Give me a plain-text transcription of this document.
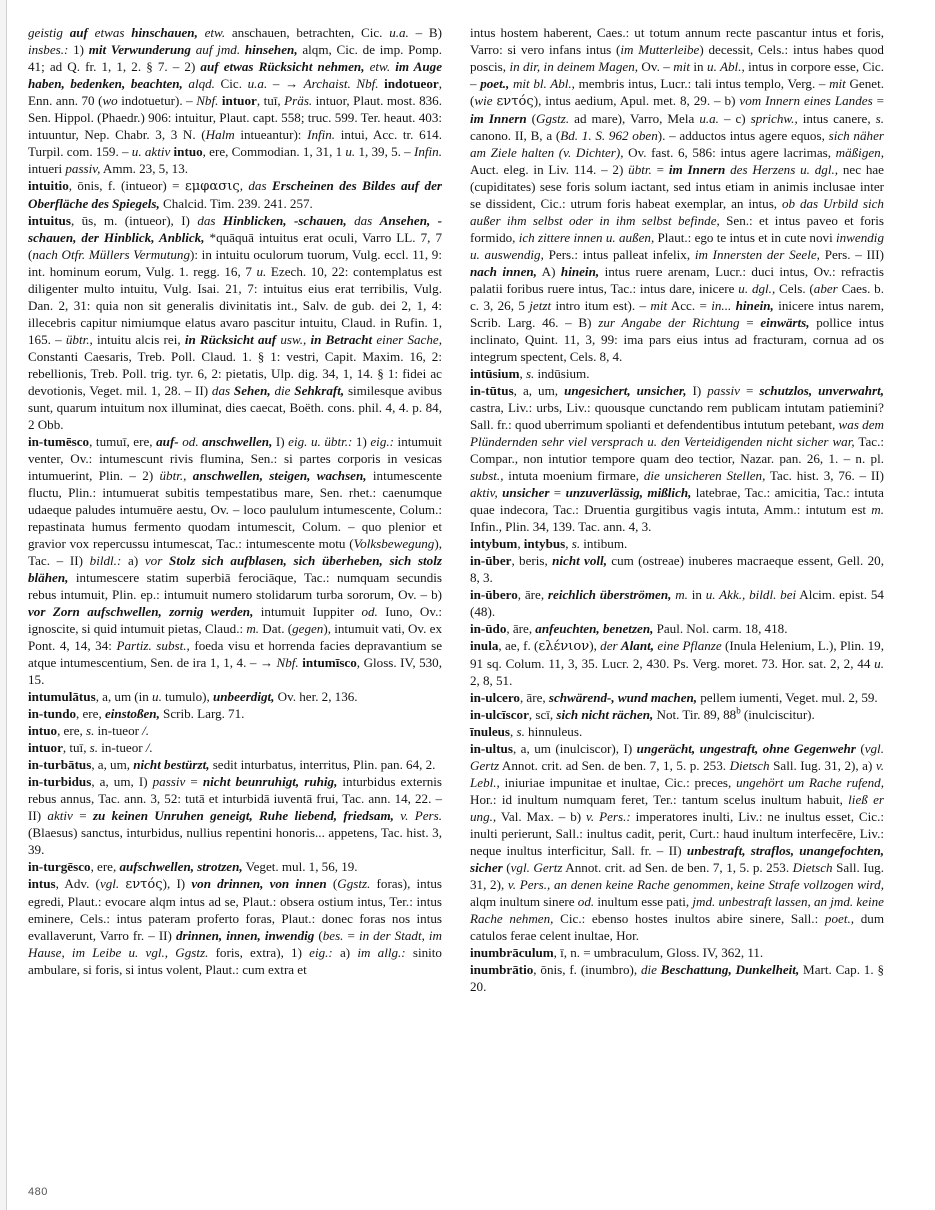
geistig auf etwas hinschauen, etw. anschauen, betrachten, Cic. u.a. – B) insbes.: 1) mit Verwunderung auf jmd. hinsehen, alqm, Cic. de imp. Pomp. 41; ad Q. fr. 1, 1, 2. § 7. – 2) auf etwas Rücksicht nehmen, etw. im Auge haben, bedenken, beachten, alqd. Cic. u.a. – → Archaist. Nbf. indotueor, Enn. ann. 70 (wo indotuetur). – Nbf. intuor, tuī, Präs. intuor, Plaut. most. 836. Sen. Hippol. (Phaedr.) 906: intuitur, Plaut. capt. 558; truc. 599. Ter. heaut. 403: intuuntur, Nep. Chabr. 3, 3 N. (Halm intueantur): Infin. intui, Acc. tr. 614. Turpil. com. 159. – u. aktiv intuo, ere, Commodian. 1, 31, 1 u. 1, 39, 5. – Infin. intueri passiv, Amm. 23, 5, 13.

intuitio, ōnis, f. (intueor) = εμφασις, das Erscheinen des Bildes auf der Oberfläche des Spiegels, Chalcid. Tim. 239. 241. 257.

intuitus, ūs, m. (intueor), I) das Hinblicken, -schauen, das Ansehen, -schauen, der Hinblick, Anblick, *quāquā intuitus erat oculi, Varro LL. 7, 7 (nach Otfr. Müllers Vermutung): in intuitu oculorum tuorum, Vulg. eccl. 11, 9: int. hominum eorum, Vulg. 1. regg. 16, 7 u. Ezech. 10, 22: contemplatus est diligenter multo intuitu, Vulg. Isai. 21, 7: intuitus eius erat terribilis, Vulg. Dan. 2, 31: quia non sit generalis divinitatis int., Salv. de gub. dei 2, 1, 4: illecebris capitur nimiumque elatus avaro pascitur intuitu, Claud. in Rufin. 1, 165. – übtr., intuitu alcis rei, in Rücksicht auf usw., in Betracht einer Sache, Constanti Caesaris, Treb. Poll. Claud. 1. § 1: vestri, Capit. Maxim. 16, 2: rebellionis, Treb. Poll. trig. tyr. 6, 2: pietatis, Ulp. dig. 34, 1, 14. § 1: fidei ac devotionis, Veget. mil. 1, 28. – II) das Sehen, die Sehkraft, similesque avibus sunt, quarum intuitum nox illuminat, dies caecat, Boëth. cons. phil. 4, 4. p. 84, 2 Obb.

in-tumēsco, tumuī, ere, auf- od. anschwellen, I) eig. u. übtr.: 1) eig.: intumuit venter, Ov.: intumescunt rivis flumina, Sen.: si partes corporis in vesicas intumuerint, Plin. – 2) übtr., anschwellen, steigen, wachsen, intumescente fluctu, Plin.: intumuerat subitis tempestatibus mare, Sen. rhet.: caenumque udaeque paludes intumuēre aestu, Ov. – loco paululum intumescente, Colum.: repastinata humus fermento quodam intumescit, Colum. – quo plenior et gravior vox repercussu intumescat, Tac.: intumescente motu (Volksbewegung), Tac. – II) bildl.: a) vor Stolz sich aufblasen, sich überheben, sich stolz blähen, intumescere statim superbiā ferociāque, Tac.: numquam secundis rebus intumuit, Plin. ep.: intumuit numero stolidarum turba sororum, Ov. – b) vor Zorn aufschwellen, zornig werden, intumuit Iuppiter od. Iuno, Ov.: ignoscite, si quid intumuit pietas, Claud.: m. Dat. (gegen), intumuit vati, Ov. ex Pont. 4, 14, 34: Partiz. subst., foeda visu et horrenda facies depravantium se atque intumescentium, Sen. de ira 1, 1, 4. – → Nbf. intumīsco, Gloss. IV, 530, 15.

intumulātus, a, um (in u. tumulo), unbeerdigt, Ov. her. 2, 136.

in-tundo, ere, einstoßen, Scrib. Larg. 71.

intuo, ere, s. in-tueor /.

intuor, tuī, s. in-tueor /.

in-turbātus, a, um, nicht bestürzt, sedit inturbatus, interritus, Plin. pan. 64, 2.

in-turbidus, a, um, I) passiv = nicht beunruhigt, ruhig, inturbidus externis rebus annus, Tac. ann. 3, 52: tutā et inturbidā iuventā frui, Tac. ann. 14, 22. – II) aktiv = zu keinen Unruhen geneigt, Ruhe liebend, friedsam, v. Pers. (Blaesus) sanctus, inturbidus, nullius repentini honoris... appetens, Tac. hist. 3, 39.

in-turgēsco, ere, aufschwellen, strotzen, Veget. mul. 1, 56, 19.

intus, Adv. (vgl. εντός), I) von drinnen, von innen (Ggstz. foras), intus egredi, Plaut.: evocare alqm intus ad se, Plaut.: obsera ostium intus, Ter.: intus eminere, Cels.: intus pateram proferto foras, Plaut.: donec foras nos intus evallaverunt, Varro fr. – II) drinnen, innen, inwendig (bes. = in der Stadt, im Hause, im Leibe u. vgl., Ggstz. foris, extra), 1) eig.: a) im allg.: sinito ambulare, si foris, si intus volent, Plaut.: cum extra et

intus hostem haberent, Caes.: ut totum annum recte pascantur intus et foris, Varro: si vero infans intus (im Mutterleibe) decessit, Cels.: intus habes quod poscis, in dir, in deinem Magen, Ov. – mit in u. Abl., intus in corpore esse, Cic. – poet., mit bl. Abl., membris intus, Lucr.: tali intus templo, Verg. – mit Genet. (wie εντός), intus aedium, Apul. met. 8, 29. – b) vom Innern eines Landes = im Innern (Ggstz. ad mare), Varro, Mela u.a. – c) sprichw., intus canere, s. canono. II, B, a (Bd. 1. S. 962 oben). – adductos intus agere equos, sich näher am Ziele halten (v. Dichter), Ov. fast. 6, 586: intus agere lacrimas, mäßigen, Auct. eleg. in Liv. 114. – 2) übtr. = im Innern des Herzens u. dgl., nec hae (cupiditates) sese foris solum iactant, sed intus etiam in animis inclusae inter se dissident, Cic.: utrum foris habeat exemplar, an intus, ob das Urbild sich außer ihm selbst oder in ihm selbst befinde, Sen.: et intus paveo et foris formido, ich zittere innen u. außen, Plaut.: ego te intus et in cute novi inwendig u. auswendig, Pers.: intus palleat infelix, im Innersten der Seele, Pers. – III) nach innen, A) hinein, intus ruere arenam, Lucr.: duci intus, Ov.: refractis palatii foribus ruere intus, Tac.: intus dare, inicere u. dgl., Cels. (aber Caes. b. c. 3, 26, 5 jetzt intro itum est). – mit Acc. = in... hinein, inicere intus narem, Scrib. Larg. 46. – B) zur Angabe der Richtung = einwärts, pollice intus inclinato, Quint. 11, 3, 99: ima pars eius intus ad fracturam, cornua ad os integrum spectent, Cels. 8, 4.

intūsium, s. indūsium.

in-tūtus, a, um, ungesichert, unsicher, I) passiv = schutzlos, unverwahrt, castra, Liv.: urbs, Liv.: quousque cunctando rem publicam intutam patiemini? Sall. fr.: quod uberrimum spolianti et defendentibus intutum petebant, was dem Plündernden sehr viel versprach u. den Verteidigenden nicht sicher war, Tac.: Compar., non intutior tempore quam deo tectior, Nazar. pan. 26, 1. – n. pl. subst., intuta moenium firmare, die unsicheren Stellen, Tac. hist. 3, 76. – II) aktiv, unsicher = unzuverlässig, mißlich, latebrae, Tac.: amicitia, Tac.: intuta quae indecora, Tac.: Druentia gurgitibus vagis intuta, Amm.: intutum est m. Infin., Plin. 34, 139. Tac. ann. 4, 3.

intybum, intybus, s. intibum.

in-ūber, beris, nicht voll, cum (ostreae) inuberes macraeque essent, Gell. 20, 8, 3.

in-ūbero, āre, reichlich überströmen, m. in u. Akk., bildl. bei Alcim. epist. 54 (48).

in-ūdo, āre, anfeuchten, benetzen, Paul. Nol. carm. 18, 418.

inula, ae, f. (ελένιον), der Alant, eine Pflanze (Inula Helenium, L.), Plin. 19, 91 sq. Colum. 11, 3, 35. Lucr. 2, 430. Ps. Verg. moret. 73. Hor. sat. 2, 2, 44 u. 2, 8, 51.

in-ulcero, āre, schwärend-, wund machen, pellem iumenti, Veget. mul. 2, 59.

in-ulcīscor, scī, sich nicht rächen, Not. Tir. 89, 88$^b$ (inulciscitur).

īnuleus, s. hinnuleus.

in-ultus, a, um (inulciscor), I) ungerächt, ungestraft, ohne Gegenwehr (vgl. Gertz Annot. crit. ad Sen. de ben. 7, 1, 5. p. 253. Dietsch Sall. Iug. 31, 2), a) v. Lebl., iniuriae impunitae et inultae, Cic.: preces, ungehört um Rache rufend, Hor.: id inultum numquam feret, Ter.: tantum scelus inultum habuit, ließ er ung., Val. Max. – b) v. Pers.: imperatores inulti, Liv.: ne inultus esset, Cic.: inulti perierunt, Sall.: inultus cadit, perit, Curt.: haud inultum interfecēre, Liv.: neque inultus interficitur, Sall. fr. – II) unbestraft, straflos, unangefochten, sicher (vgl. Gertz Annot. crit. ad Sen. de ben. 7, 1, 5. p. 253. Dietsch Sall. Iug. 31, 2), v. Pers., an denen keine Rache genommen, keine Strafe vollzogen wird, alqm inultum sinere od. inultum esse pati, jmd. unbestraft lassen, an jmd. keine Rache nehmen, Cic.: ebenso hostes inultos abire sinere, Sall.: poet., dum catulos ferae celent inultae, Hor.

inumbrāculum, ī, n. = umbraculum, Gloss. IV, 362, 11.

inumbrātio, ōnis, f. (inumbro), die Beschattung, Dunkelheit, Mart. Cap. 1. § 20.

480
